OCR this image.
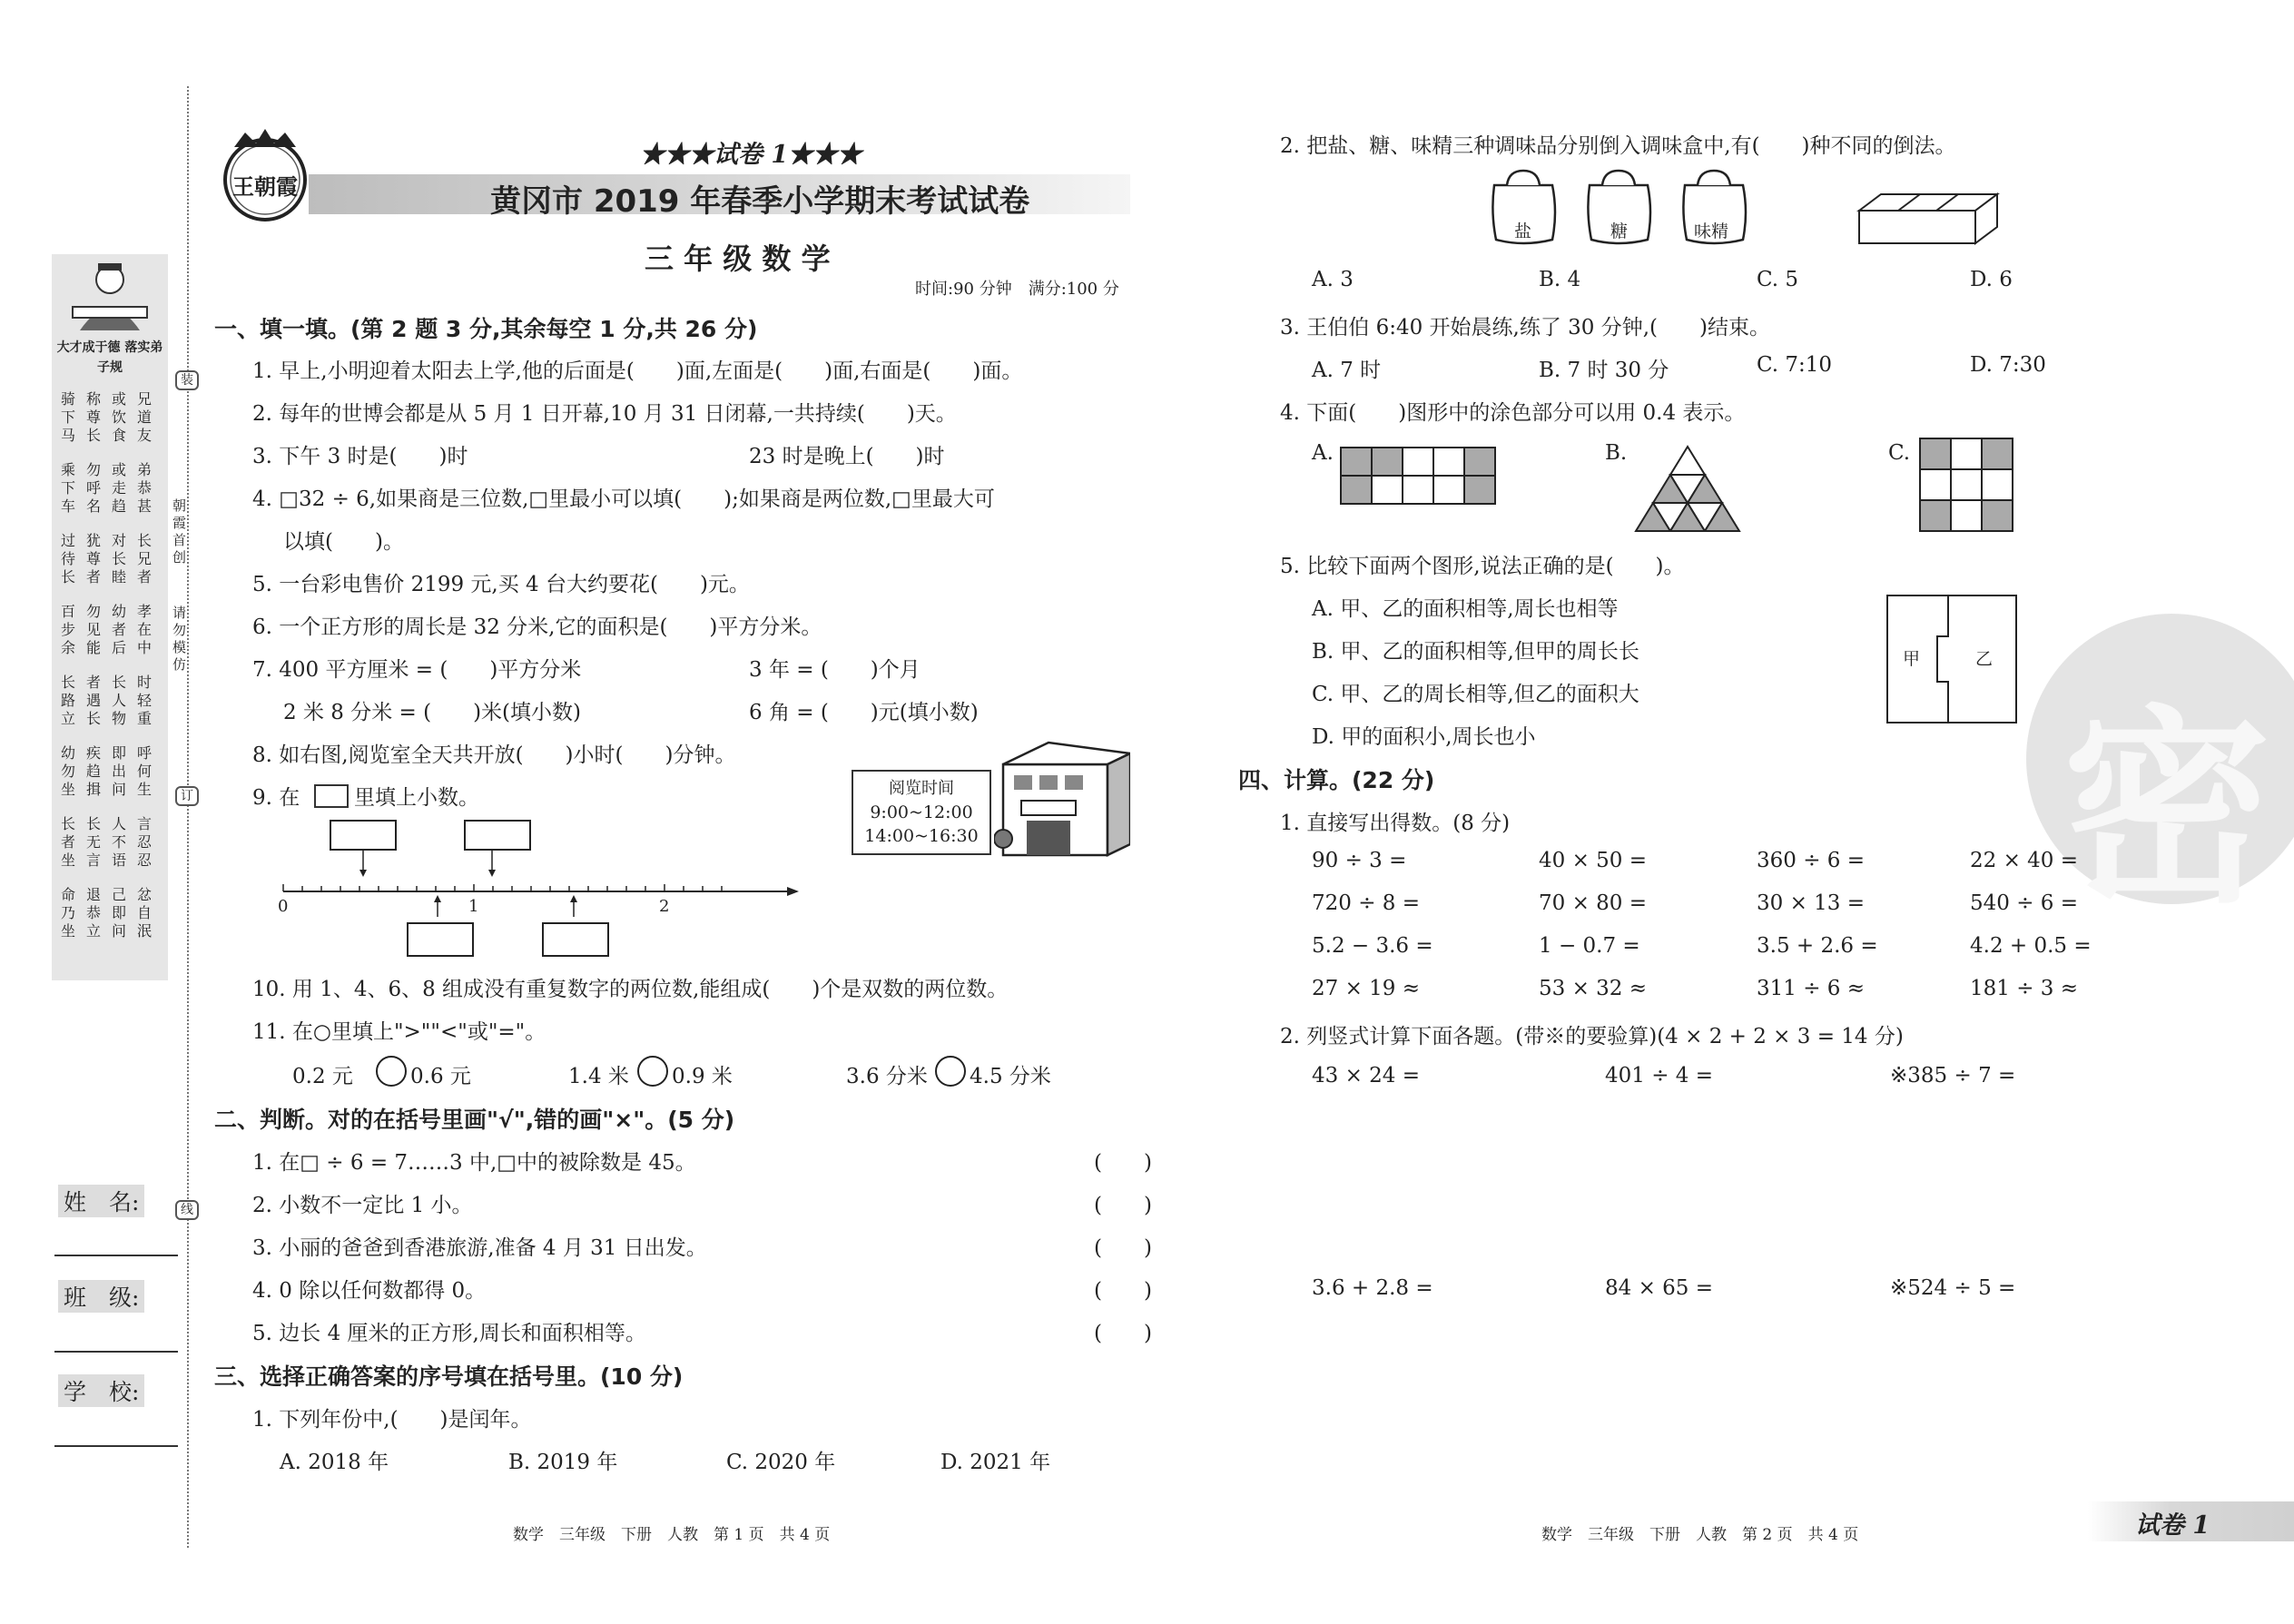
大才成于德 落实弟子规
骑下马
称尊长
或饮食
兄道友
乘下车
勿呼名
或走趋
弟恭甚
过待长
犹尊者
对长睦
长兄者
百步余
勿见能
幼者后
孝在中
长路立
者遇长
长人物
时轻重
幼勿坐
疾趋揖
即出问
呼何生
长者坐
长无言
人不语
言忍忍
命乃坐
退恭立
己即问
忿自泯
装
订
线
朝霞首创
请勿模仿
姓　名:
班　级:
学　校:
王朝霞
★★★试卷 1★★★
黄冈市 2019 年春季小学期末考试试卷
三 年 级 数 学
时间:90 分钟　满分:100 分
一、填一填。(第 2 题 3 分,其余每空 1 分,共 26 分)
1. 早上,小明迎着太阳去上学,他的后面是(　　)面,左面是(　　)面,右面是(　　)面。
2. 每年的世博会都是从 5 月 1 日开幕,10 月 31 日闭幕,一共持续(　　)天。
3. 下午 3 时是(　　)时	23 时是晚上(　　)时
4. □32 ÷ 6,如果商是三位数,□里最小可以填(　　);如果商是两位数,□里最大可
以填(　　)。
5. 一台彩电售价 2199 元,买 4 台大约要花(　　)元。
6. 一个正方形的周长是 32 分米,它的面积是(　　)平方分米。
7. 400 平方厘米 = (　　)平方分米	3 年 = (　　)个月
2 米 8 分米 = (　　)米(填小数)	6 角 = (　　)元(填小数)
8. 如右图,阅览室全天共开放(　　)小时(　　)分钟。
9. 在	里填上小数。	阅览时间
9:00~12:00
14:00~16:30
0	1	2
10. 用 1、4、6、8 组成没有重复数字的两位数,能组成(　　)个是双数的两位数。
11. 在○里填上">""<"或"="。
0.2 元	0.6 元	1.4 米 0.9 米	3.6 分米 4.5 分米
二、判断。对的在括号里画"√",错的画"×"。(5 分)
1. 在□ ÷ 6 = 7……3 中,□中的被除数是 45。	(　　)
2. 小数不一定比 1 小。	(　　)
3. 小丽的爸爸到香港旅游,准备 4 月 31 日出发。	(　　)
4. 0 除以任何数都得 0。	(　　)
5. 边长 4 厘米的正方形,周长和面积相等。	(　　)
三、选择正确答案的序号填在括号里。(10 分)
1. 下列年份中,(　　)是闰年。
A. 2018 年	B. 2019 年	C. 2020 年	D. 2021 年
数学　三年级　下册　人教　第 1 页　共 4 页
密
2. 把盐、糖、味精三种调味品分别倒入调味盒中,有(　　)种不同的倒法。
盐	糖	味精
A. 3	B. 4	C. 5	D. 6
3. 王伯伯 6:40 开始晨练,练了 30 分钟,(　　)结束。
A. 7 时	B. 7 时 30 分	C. 7:10	D. 7:30
4. 下面(　　)图形中的涂色部分可以用 0.4 表示。
A.	B.	C.
5. 比较下面两个图形,说法正确的是(　　)。
A. 甲、乙的面积相等,周长也相等
B. 甲、乙的面积相等,但甲的周长长
C. 甲、乙的周长相等,但乙的面积大
D. 甲的面积小,周长也小
甲	乙
四、计算。(22 分)
1. 直接写出得数。(8 分)
90 ÷ 3 =	40 × 50 =	360 ÷ 6 =	22 × 40 =
720 ÷ 8 =	70 × 80 =	30 × 13 =	540 ÷ 6 =
5.2 − 3.6 =	1 − 0.7 =	3.5 + 2.6 =	4.2 + 0.5 =
27 × 19 ≈	53 × 32 ≈	311 ÷ 6 ≈	181 ÷ 3 ≈
2. 列竖式计算下面各题。(带※的要验算)(4 × 2 + 2 × 3 = 14 分)
43 × 24 =	401 ÷ 4 =	※385 ÷ 7 =
3.6 + 2.8 =	84 × 65 =	※524 ÷ 5 =
数学　三年级　下册　人教　第 2 页　共 4 页	试卷 1
